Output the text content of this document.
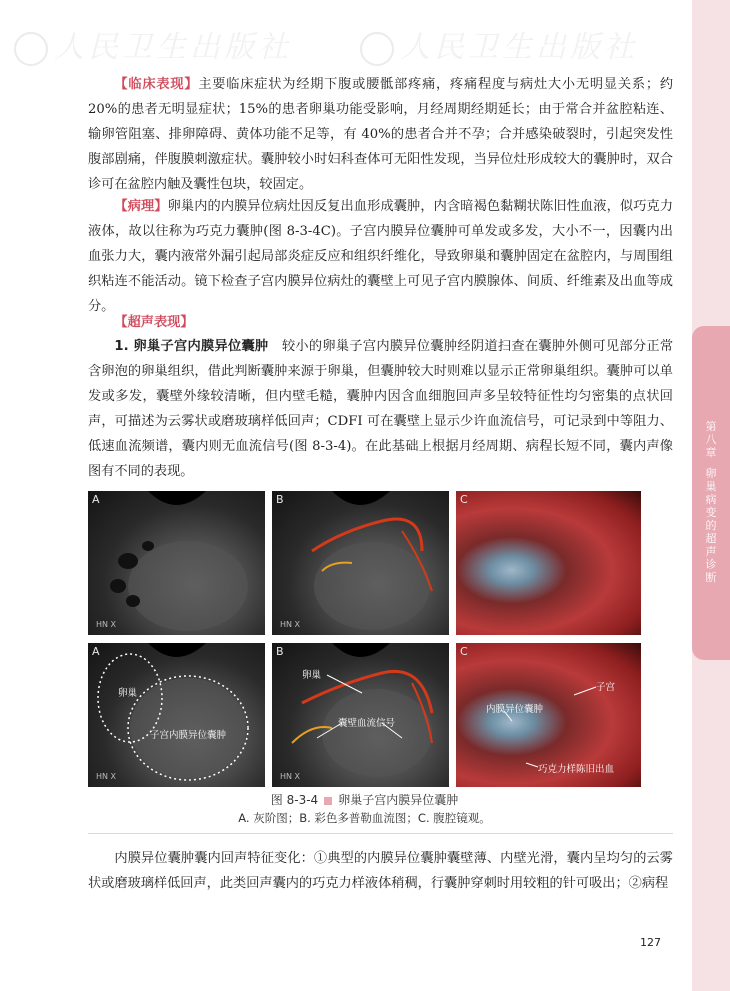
人民卫生出版社	人民卫生出版社
第
八
章
卵
巢
病
变
的
超
声
诊
断
【临床表现】主要临床症状为经期下腹或腰骶部疼痛，疼痛程度与病灶大小无明显关系；约 20%的患者无明显症状；15%的患者卵巢功能受影响，月经周期经期延长；由于常合并盆腔粘连、输卵管阻塞、排卵障碍、黄体功能不足等，有 40%的患者合并不孕；合并感染破裂时，引起突发性腹部剧痛，伴腹膜刺激症状。囊肿较小时妇科查体可无阳性发现，当异位灶形成较大的囊肿时，双合诊可在盆腔内触及囊性包块，较固定。
【病理】卵巢内的内膜异位病灶因反复出血形成囊肿，内含暗褐色黏糊状陈旧性血液，似巧克力液体，故以往称为巧克力囊肿(图 8-3-4C)。子宫内膜异位囊肿可单发或多发，大小不一，因囊内出血张力大，囊内液常外漏引起局部炎症反应和组织纤维化，导致卵巢和囊肿固定在盆腔内，与周围组织粘连不能活动。镜下检查子宫内膜异位病灶的囊壁上可见子宫内膜腺体、间质、纤维素及出血等成分。
【超声表现】
1. 卵巢子宫内膜异位囊肿　 较小的卵巢子宫内膜异位囊肿经阴道扫查在囊肿外侧可见部分正常含卵泡的卵巢组织，借此判断囊肿来源于卵巢，但囊肿较大时则难以显示正常卵巢组织。囊肿可以单发或多发，囊壁外缘较清晰，但内壁毛糙，囊肿内因含血细胞回声多呈较特征性均匀密集的点状回声，可描述为云雾状或磨玻璃样低回声；CDFI 可在囊壁上显示少许血流信号，可记录到中等阻力、低速血流频谱，囊内则无血流信号(图 8-3-4)。在此基础上根据月经周期、病程长短不同，囊内声像图有不同的表现。
A
HN X
B
HN X
C
A
卵巢
子宫内膜异位囊肿
HN X
B
卵巢
囊壁血流信号
HN X
C
子宫
内膜异位囊肿
巧克力样陈旧出血
图 8-3-4 卵巢子宫内膜异位囊肿
A. 灰阶图；B. 彩色多普勒血流图；C. 腹腔镜观。
内膜异位囊肿囊内回声特征变化：①典型的内膜异位囊肿囊壁薄、内壁光滑，囊内呈均匀的云雾状或磨玻璃样低回声，此类回声囊内的巧克力样液体稍稠，行囊肿穿刺时用较粗的针可吸出；②病程
127
